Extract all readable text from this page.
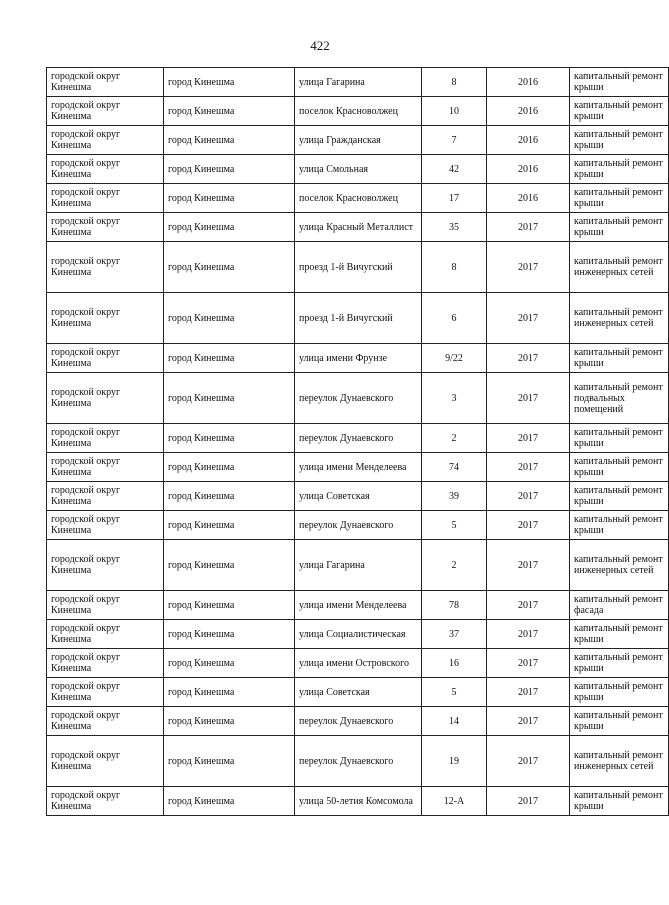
422
городской округ Кинешма	город Кинешма	улица Гагарина	8	2016	капитальный ремонт крыши
городской округ Кинешма	город Кинешма	поселок Красноволжец	10	2016	капитальный ремонт крыши
городской округ Кинешма	город Кинешма	улица Гражданская	7	2016	капитальный ремонт крыши
городской округ Кинешма	город Кинешма	улица Смольная	42	2016	капитальный ремонт крыши
городской округ Кинешма	город Кинешма	поселок Красноволжец	17	2016	капитальный ремонт крыши
городской округ Кинешма	город Кинешма	улица Красный Металлист	35	2017	капитальный ремонт крыши
городской округ Кинешма	город Кинешма	проезд 1-й Вичугский	8	2017	капитальный ремонт инженерных сетей
городской округ Кинешма	город Кинешма	проезд 1-й Вичугский	6	2017	капитальный ремонт инженерных сетей
городской округ Кинешма	город Кинешма	улица имени Фрунзе	9/22	2017	капитальный ремонт крыши
городской округ Кинешма	город Кинешма	переулок Дунаевского	3	2017	капитальный ремонт подвальных помещений
городской округ Кинешма	город Кинешма	переулок Дунаевского	2	2017	капитальный ремонт крыши
городской округ Кинешма	город Кинешма	улица имени Менделеева	74	2017	капитальный ремонт крыши
городской округ Кинешма	город Кинешма	улица Советская	39	2017	капитальный ремонт крыши
городской округ Кинешма	город Кинешма	переулок Дунаевского	5	2017	капитальный ремонт крыши
городской округ Кинешма	город Кинешма	улица Гагарина	2	2017	капитальный ремонт инженерных сетей
городской округ Кинешма	город Кинешма	улица имени Менделеева	78	2017	капитальный ремонт фасада
городской округ Кинешма	город Кинешма	улица Социалистическая	37	2017	капитальный ремонт крыши
городской округ Кинешма	город Кинешма	улица имени Островского	16	2017	капитальный ремонт крыши
городской округ Кинешма	город Кинешма	улица Советская	5	2017	капитальный ремонт крыши
городской округ Кинешма	город Кинешма	переулок Дунаевского	14	2017	капитальный ремонт крыши
городской округ Кинешма	город Кинешма	переулок Дунаевского	19	2017	капитальный ремонт инженерных сетей
городской округ Кинешма	город Кинешма	улица 50-летия Комсомола	12-А	2017	капитальный ремонт крыши
